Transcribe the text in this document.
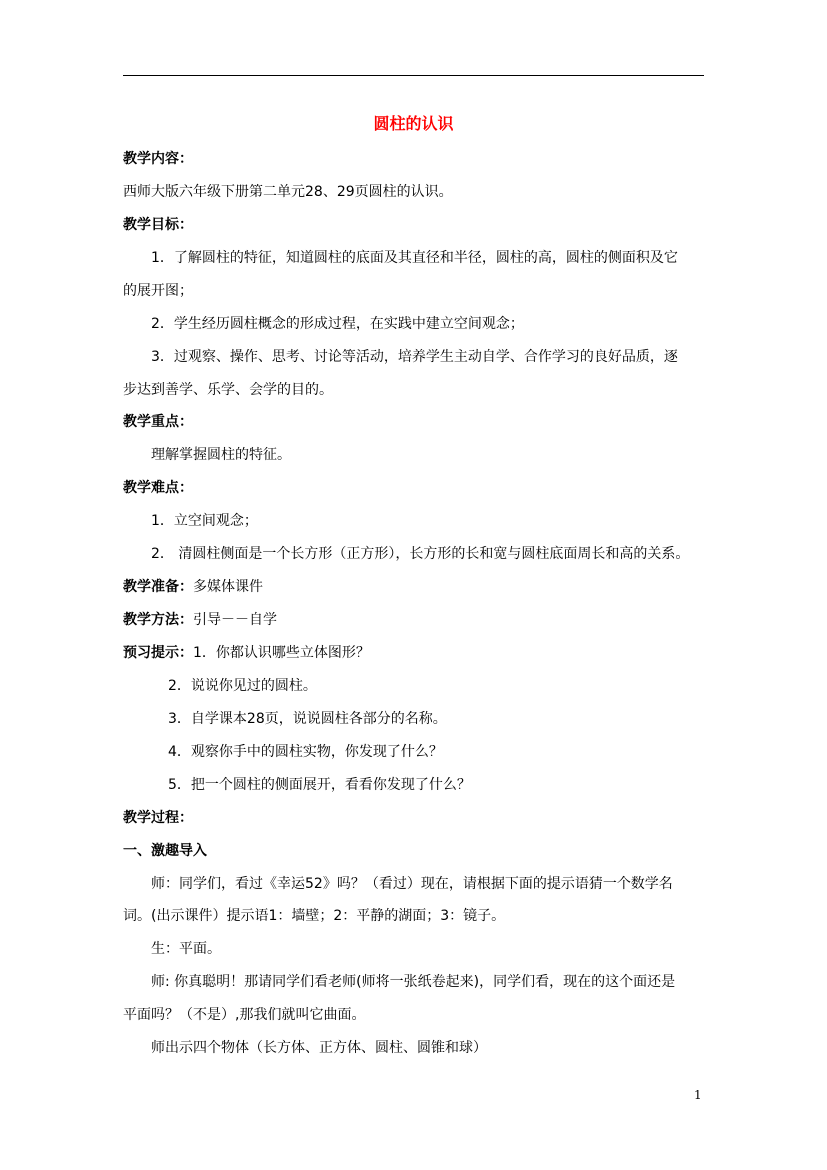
圆柱的认识
教学内容：
西师大版六年级下册第二单元28、29页圆柱的认识。
教学目标：
1．了解圆柱的特征，知道圆柱的底面及其直径和半径，圆柱的高，圆柱的侧面积及它
的展开图；
2．学生经历圆柱概念的形成过程，在实践中建立空间观念；
3．过观察、操作、思考、讨论等活动，培养学生主动自学、合作学习的良好品质，逐
步达到善学、乐学、会学的目的。
教学重点：
理解掌握圆柱的特征。
教学难点：
1．立空间观念；
2． 清圆柱侧面是一个长方形（正方形），长方形的长和宽与圆柱底面周长和高的关系。
教学准备：多媒体课件
教学方法：引导－－自学
预习提示：1．你都认识哪些立体图形？
2．说说你见过的圆柱。
3．自学课本28页，说说圆柱各部分的名称。
4．观察你手中的圆柱实物，你发现了什么？
5．把一个圆柱的侧面展开，看看你发现了什么？
教学过程：
一、激趣导入
师：同学们，看过《幸运52》吗？（看过）现在，请根据下面的提示语猜一个数学名
词。(出示课件）提示语1：墙壁；2：平静的湖面；3：镜子。
生：平面。
师: 你真聪明！那请同学们看老师(师将一张纸卷起来)，同学们看，现在的这个面还是
平面吗？（不是）,那我们就叫它曲面。
师出示四个物体（长方体、正方体、圆柱、圆锥和球）
1
